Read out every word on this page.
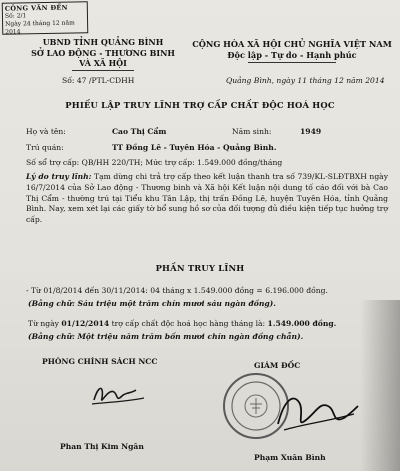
CÔNG VĂN ĐẾN
Số: 2/1
Ngày 24 tháng 12 năm 2014
UBND TỈNH QUẢNG BÌNH
SỞ LAO ĐỘNG - THƯƠNG BINH
VÀ XÃ HỘI
Số: 47 /PTL-CDHH
CỘNG HÒA XÃ HỘI CHỦ NGHĨA VIỆT NAM
Độc lập - Tự do - Hạnh phúc
Quảng Bình, ngày 11 tháng 12 năm 2014
PHIẾU LẬP TRUY LĨNH TRỢ CẤP CHẤT ĐỘC HOÁ HỌC
Họ và tên:	Cao Thị Cẩm	Năm sinh:	1949
Trú quán:	TT Đồng Lê - Tuyên Hóa - Quảng Bình.
Số sổ trợ cấp: QB/HH 220/TH; Mức trợ cấp: 1.549.000 đồng/tháng
Lý do truy lĩnh: Tạm dừng chi trả trợ cấp theo kết luận thanh tra số 739/KL-SLĐTBXH ngày 16/7/2014 của Sở Lao động - Thương binh và Xã hội Kết luận nội dung tố cáo đối với bà Cao Thị Cẩm - thường trú tại Tiểu khu Tân Lập, thị trấn Đồng Lê, huyện Tuyên Hóa, tỉnh Quảng Bình. Nay, xem xét lại các giấy tờ bổ sung hồ sơ của đối tượng đủ điều kiện tiếp tục hưởng trợ cấp.
PHẦN TRUY LĨNH
- Từ 01/8/2014 đến 30/11/2014: 04 tháng x 1.549.000 đồng = 6.196.000 đồng.
(Bằng chữ: Sáu triệu một trăm chín mươi sáu ngàn đồng).
Từ ngày 01/12/2014 trợ cấp chất độc hoá học hàng tháng là: 1.549.000 đồng.
(Bằng chữ: Một triệu năm trăm bốn mươi chín ngàn đồng chẵn).
PHÒNG CHÍNH SÁCH NCC	GIÁM ĐỐC
Phan Thị Kim Ngân
Phạm Xuân Bình
